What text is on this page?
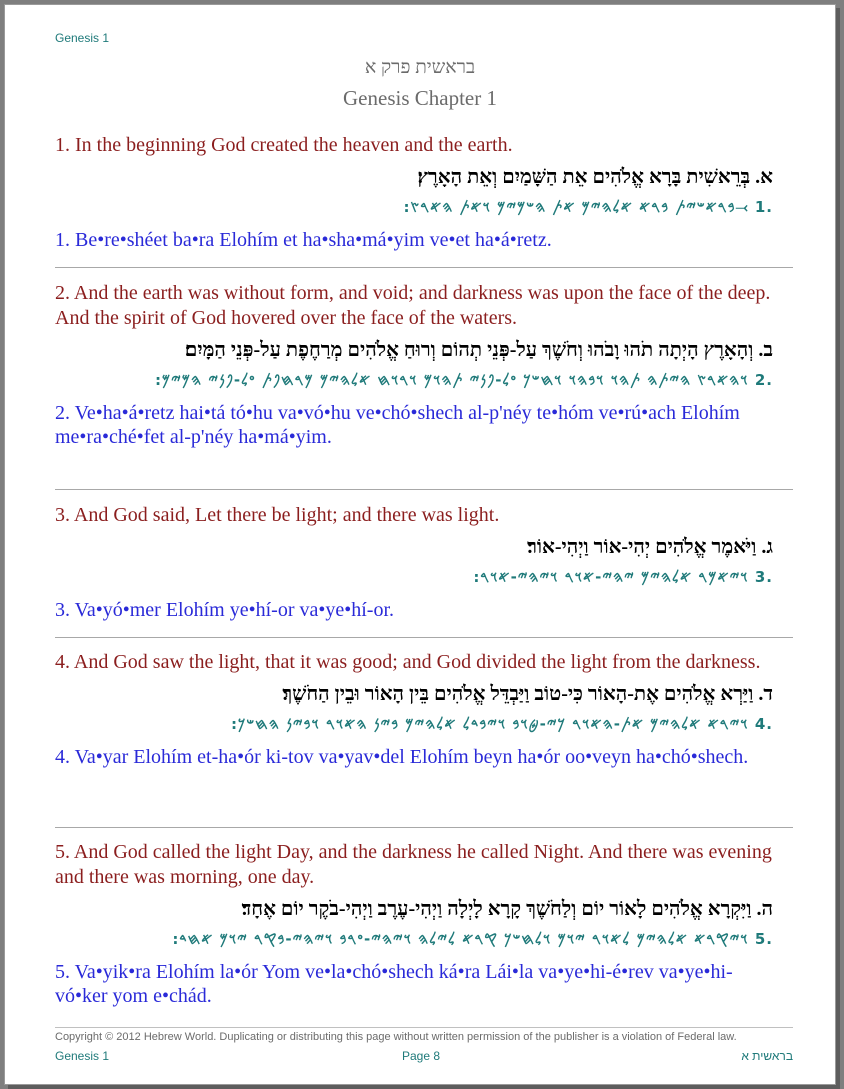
Genesis 1
בראשית פרק א
Genesis Chapter 1

1. In the beginning God created the heaven and the earth.

א. בְּרֵאשִׁית בָּרָא אֱלֹהִים אֵת הַשָּׁמַיִם וְאֵת הָאָרֶץ׃

.1 ⤙𐤁𐤓𐤀𐤔𐤉𐤕 𐤁𐤓𐤀 𐤀𐤋𐤄𐤉𐤌 𐤀𐤕 𐤄𐤔𐤌𐤉𐤌 𐤅𐤀𐤕 𐤄𐤀𐤓𐤑׃

1. Be•re•shéet ba•ra Elohím et ha•sha•má•yim ve•et ha•á•retz.

2. And the earth was without form, and void; and darkness was upon the face of the deep. And the spirit of God hovered over the face of the waters.

ב. וְהָאָרֶץ הָיְתָה תֹהוּ וָבֹהוּ וְחֹשֶׁךְ עַל-פְּנֵי תְהוֹם וְרוּחַ אֱלֹהִים מְרַחֶפֶת עַל-פְּנֵי הַמָּיִם׃

.2 𐤅𐤄𐤀𐤓𐤑 𐤄𐤉𐤕𐤄 𐤕𐤄𐤅 𐤅𐤁𐤄𐤅 𐤅𐤇𐤔𐤊 𐤏𐤋-𐤐𐤍𐤉 𐤕𐤄𐤅𐤌 𐤅𐤓𐤅𐤇 𐤀𐤋𐤄𐤉𐤌 𐤌𐤓𐤇𐤐𐤕 𐤏𐤋-𐤐𐤍𐤉 𐤄𐤌𐤉𐤌׃

2. Ve•ha•á•retz hai•tá tó•hu va•vó•hu ve•chó•shech al-p'néy te•hóm ve•rú•ach Elohím me•ra•ché•fet al-p'néy ha•má•yim.

3. And God said, Let there be light; and there was light.

ג. וַיֹּאמֶר אֱלֹהִים יְהִי-אוֹר וַיְהִי-אוֹר׃

.3 𐤅𐤉𐤀𐤌𐤓 𐤀𐤋𐤄𐤉𐤌 𐤉𐤄𐤉-𐤀𐤅𐤓 𐤅𐤉𐤄𐤉-𐤀𐤅𐤓׃

3. Va•yó•mer Elohím ye•hí-or va•ye•hí-or.

4. And God saw the light, that it was good; and God divided the light from the darkness.

ד. וַיַּרְא אֱלֹהִים אֶת-הָאוֹר כִּי-טוֹב וַיַּבְדֵּל אֱלֹהִים בֵּין הָאוֹר וּבֵין הַחֹשֶׁךְ׃

.4 𐤅𐤉𐤓𐤀 𐤀𐤋𐤄𐤉𐤌 𐤀𐤕-𐤄𐤀𐤅𐤓 𐤊𐤉-𐤈𐤅𐤁 𐤅𐤉𐤁𐤃𐤋 𐤀𐤋𐤄𐤉𐤌 𐤁𐤉𐤍 𐤄𐤀𐤅𐤓 𐤅𐤁𐤉𐤍 𐤄𐤇𐤔𐤊׃

4. Va•yar Elohím et-ha•ór ki-tov va•yav•del Elohím beyn ha•ór oo•veyn ha•chó•shech.

5. And God called the light Day, and the darkness he called Night. And there was evening and there was morning, one day.

ה. וַיִּקְרָא אֱלֹהִים לָאוֹר יוֹם וְלַחֹשֶׁךְ קָרָא לָיְלָה וַיְהִי-עֶרֶב וַיְהִי-בֹקֶר יוֹם אֶחָד׃

.5 𐤅𐤉𐤒𐤓𐤀 𐤀𐤋𐤄𐤉𐤌 𐤋𐤀𐤅𐤓 𐤉𐤅𐤌 𐤅𐤋𐤇𐤔𐤊 𐤒𐤓𐤀 𐤋𐤉𐤋𐤄 𐤅𐤉𐤄𐤉-𐤏𐤓𐤁 𐤅𐤉𐤄𐤉-𐤁𐤒𐤓 𐤉𐤅𐤌 𐤀𐤇𐤃׃

5. Va•yik•ra Elohím la•ór Yom ve•la•chó•shech ká•ra Lái•la va•ye•hi-é•rev va•ye•hi-vó•ker yom e•chád.

Copyright © 2012 Hebrew World. Duplicating or distributing this page without written permission of the publisher is a violation of Federal law.
Genesis 1	Page 8	בראשית א
